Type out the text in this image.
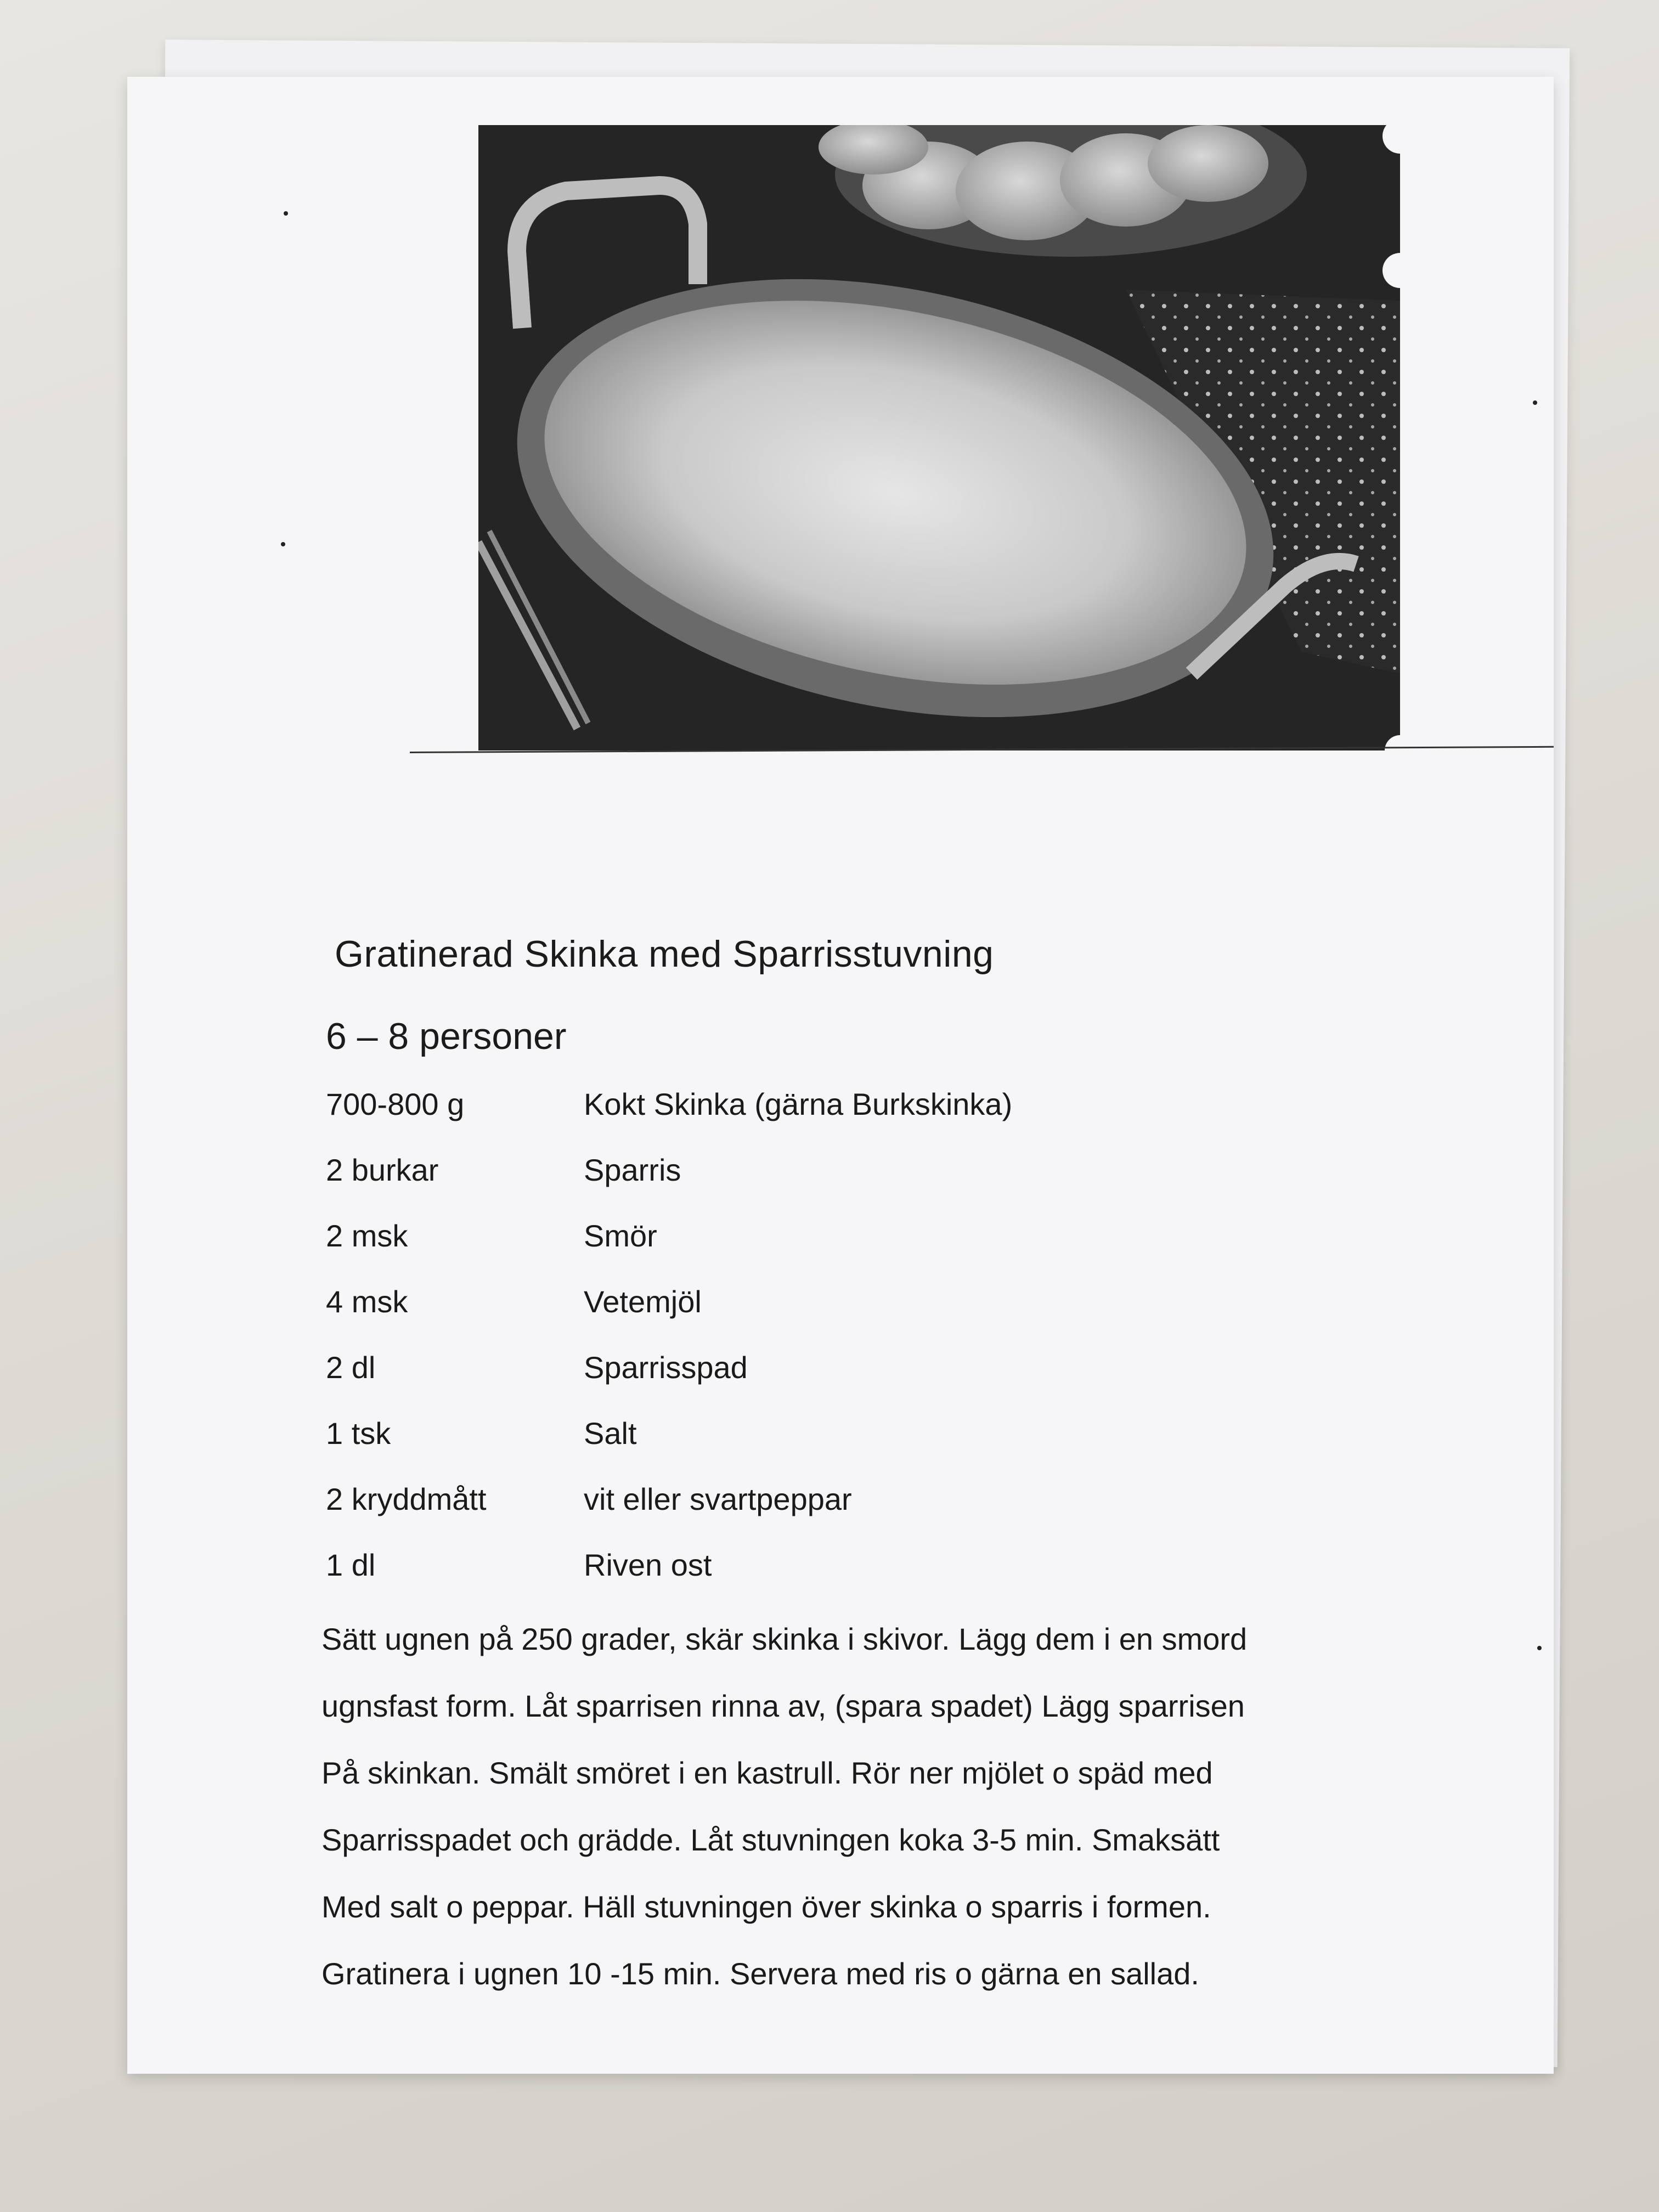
Gratinerad Skinka med Sparrisstuvning
6 – 8 personer
700-800 g	Kokt Skinka (gärna Burkskinka)
2 burkar	Sparris
2 msk	Smör
4 msk	Vetemjöl
2 dl	Sparrisspad
1 tsk	Salt
2 kryddmått	vit eller svartpeppar
1 dl	Riven ost
Sätt ugnen på 250 grader, skär skinka i skivor. Lägg dem i en smord
ugnsfast form. Låt sparrisen rinna av, (spara spadet) Lägg sparrisen
På skinkan. Smält smöret i en kastrull. Rör ner mjölet o späd med
Sparrisspadet och grädde. Låt stuvningen koka 3-5 min. Smaksätt
Med salt o peppar. Häll stuvningen över skinka o sparris i formen.
Gratinera i ugnen 10 -15 min. Servera med ris o gärna en sallad.
